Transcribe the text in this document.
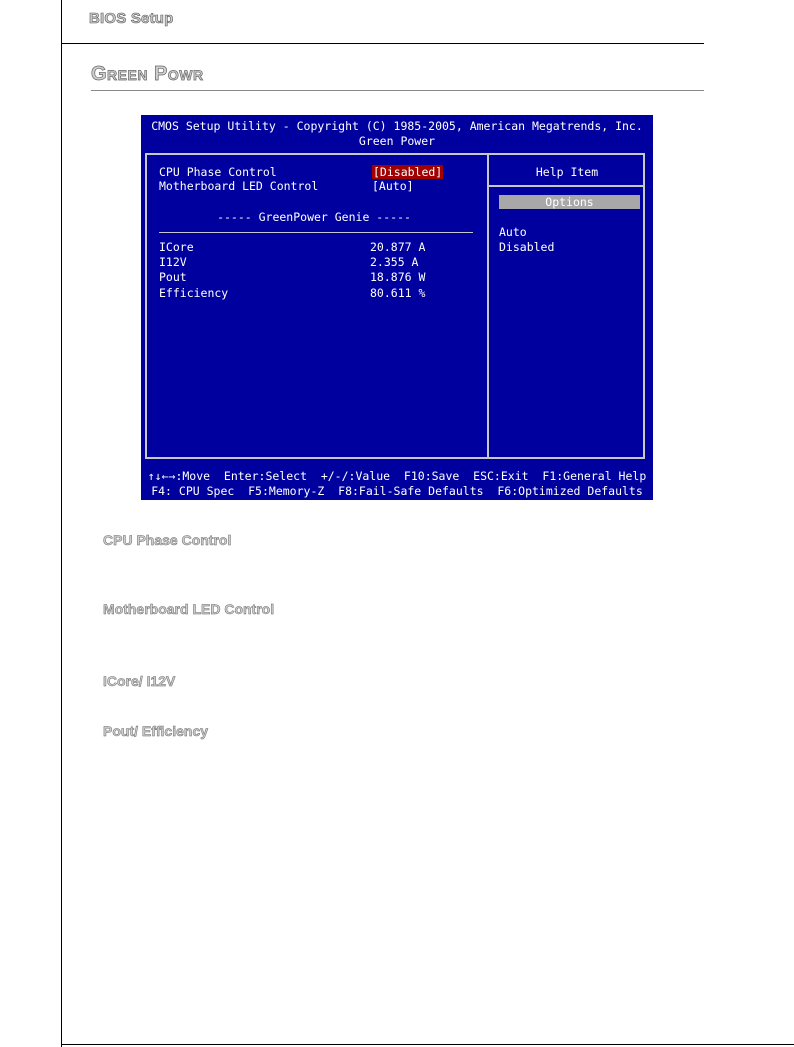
BIOS Setup
Green Powr
CMOS Setup Utility - Copyright (C) 1985-2005, American Megatrends, Inc.
Green Power
CPU Phase Control	[Disabled]
Motherboard LED Control	[Auto]
----- GreenPower Genie -----
ICore	20.877 A
I12V	2.355 A
Pout	18.876 W
Efficiency	80.611 %
Help Item
Options
Auto
Disabled
↑↓←→:Move  Enter:Select  +/-/:Value  F10:Save  ESC:Exit  F1:General Help
F4: CPU Spec  F5:Memory-Z  F8:Fail-Safe Defaults  F6:Optimized Defaults
CPU Phase Control
Motherboard LED Control
ICore/ I12V
Pout/ Efficiency
